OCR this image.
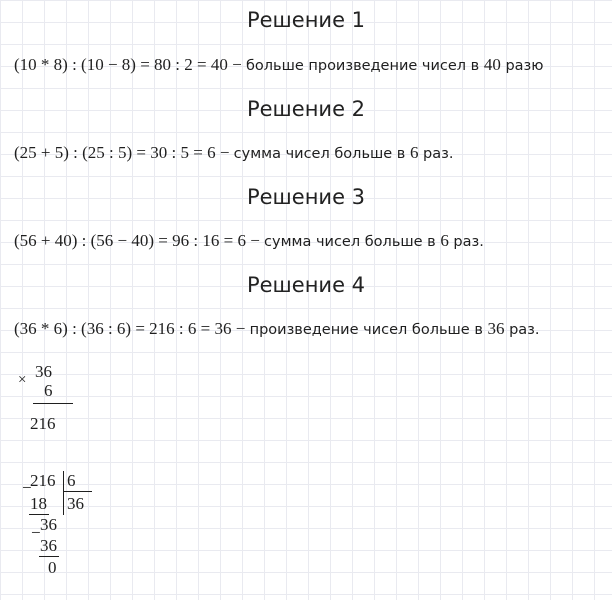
Решение 1
(10 * 8) : (10 − 8) = 80 : 2 = 40 − больше произведение чисел в 40 разю
Решение 2
(25 + 5) : (25 : 5) = 30 : 5 = 6 − сумма чисел больше в 6 раз.
Решение 3
(56 + 40) : (56 − 40) = 96 : 16 = 6 − сумма чисел больше в 6 раз.
Решение 4
(36 * 6) : (36 : 6) = 216 : 6 = 36 − произведение чисел больше в 36 раз.
× 36
6
216
−
216 6
36
18
− 36
36
0
